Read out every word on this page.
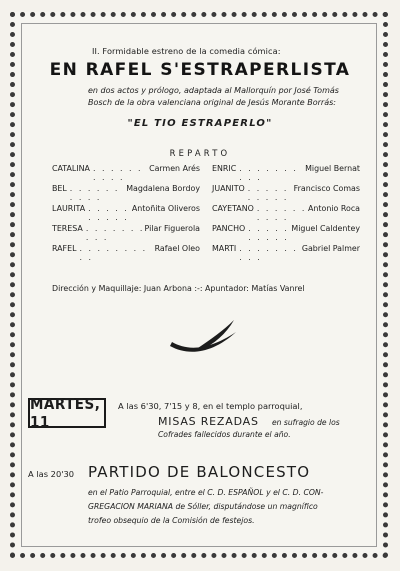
II. Formidable estreno de la comedia cómica:
EN RAFEL S'ESTRAPERLISTA
en dos actos y prólogo, adaptada al Mallorquín por José Tomás
Bosch de la obra valenciana original de Jesús Morante Borrás:
"EL TIO ESTRAPERLO"
REPARTO
CATALINA . . . . . . . . . .
Carmen Arés ENRIC . . . . . . . . . .
Miguel Bernat
BEL . . . . . . . . . .
Magdalena Bordoy JUANITO . . . . . . . . . .
Francisco Comas
LAURITA . . . . . . . . . .
Antoñita Oliveros CAYETANO . . . . . . . . . .
Antonio Roca
TERESA . . . . . . . . . .
Pilar Figuerola PANCHO . . . . . . . . . .
Miguel Caldentey
RAFEL . . . . . . . . . .
Rafael Oleo MARTI . . . . . . . . . .
Gabriel Palmer
Dirección y Maquillaje: Juan Arbona :-: Apuntador: Matías Vanrel
MARTES, 11
A las 6'30, 7'15 y 8, en el templo parroquial,
MISAS REZADAS en sufragio de los
Cofrades fallecidos durante el año.
A las 20'30 PARTIDO DE BALONCESTO
en el Patio Parroquial, entre el C. D. ESPAÑOL y el C. D. CON-
GREGACION MARIANA de Sóller, disputándose un magnífico
trofeo obsequio de la Comisión de festejos.
